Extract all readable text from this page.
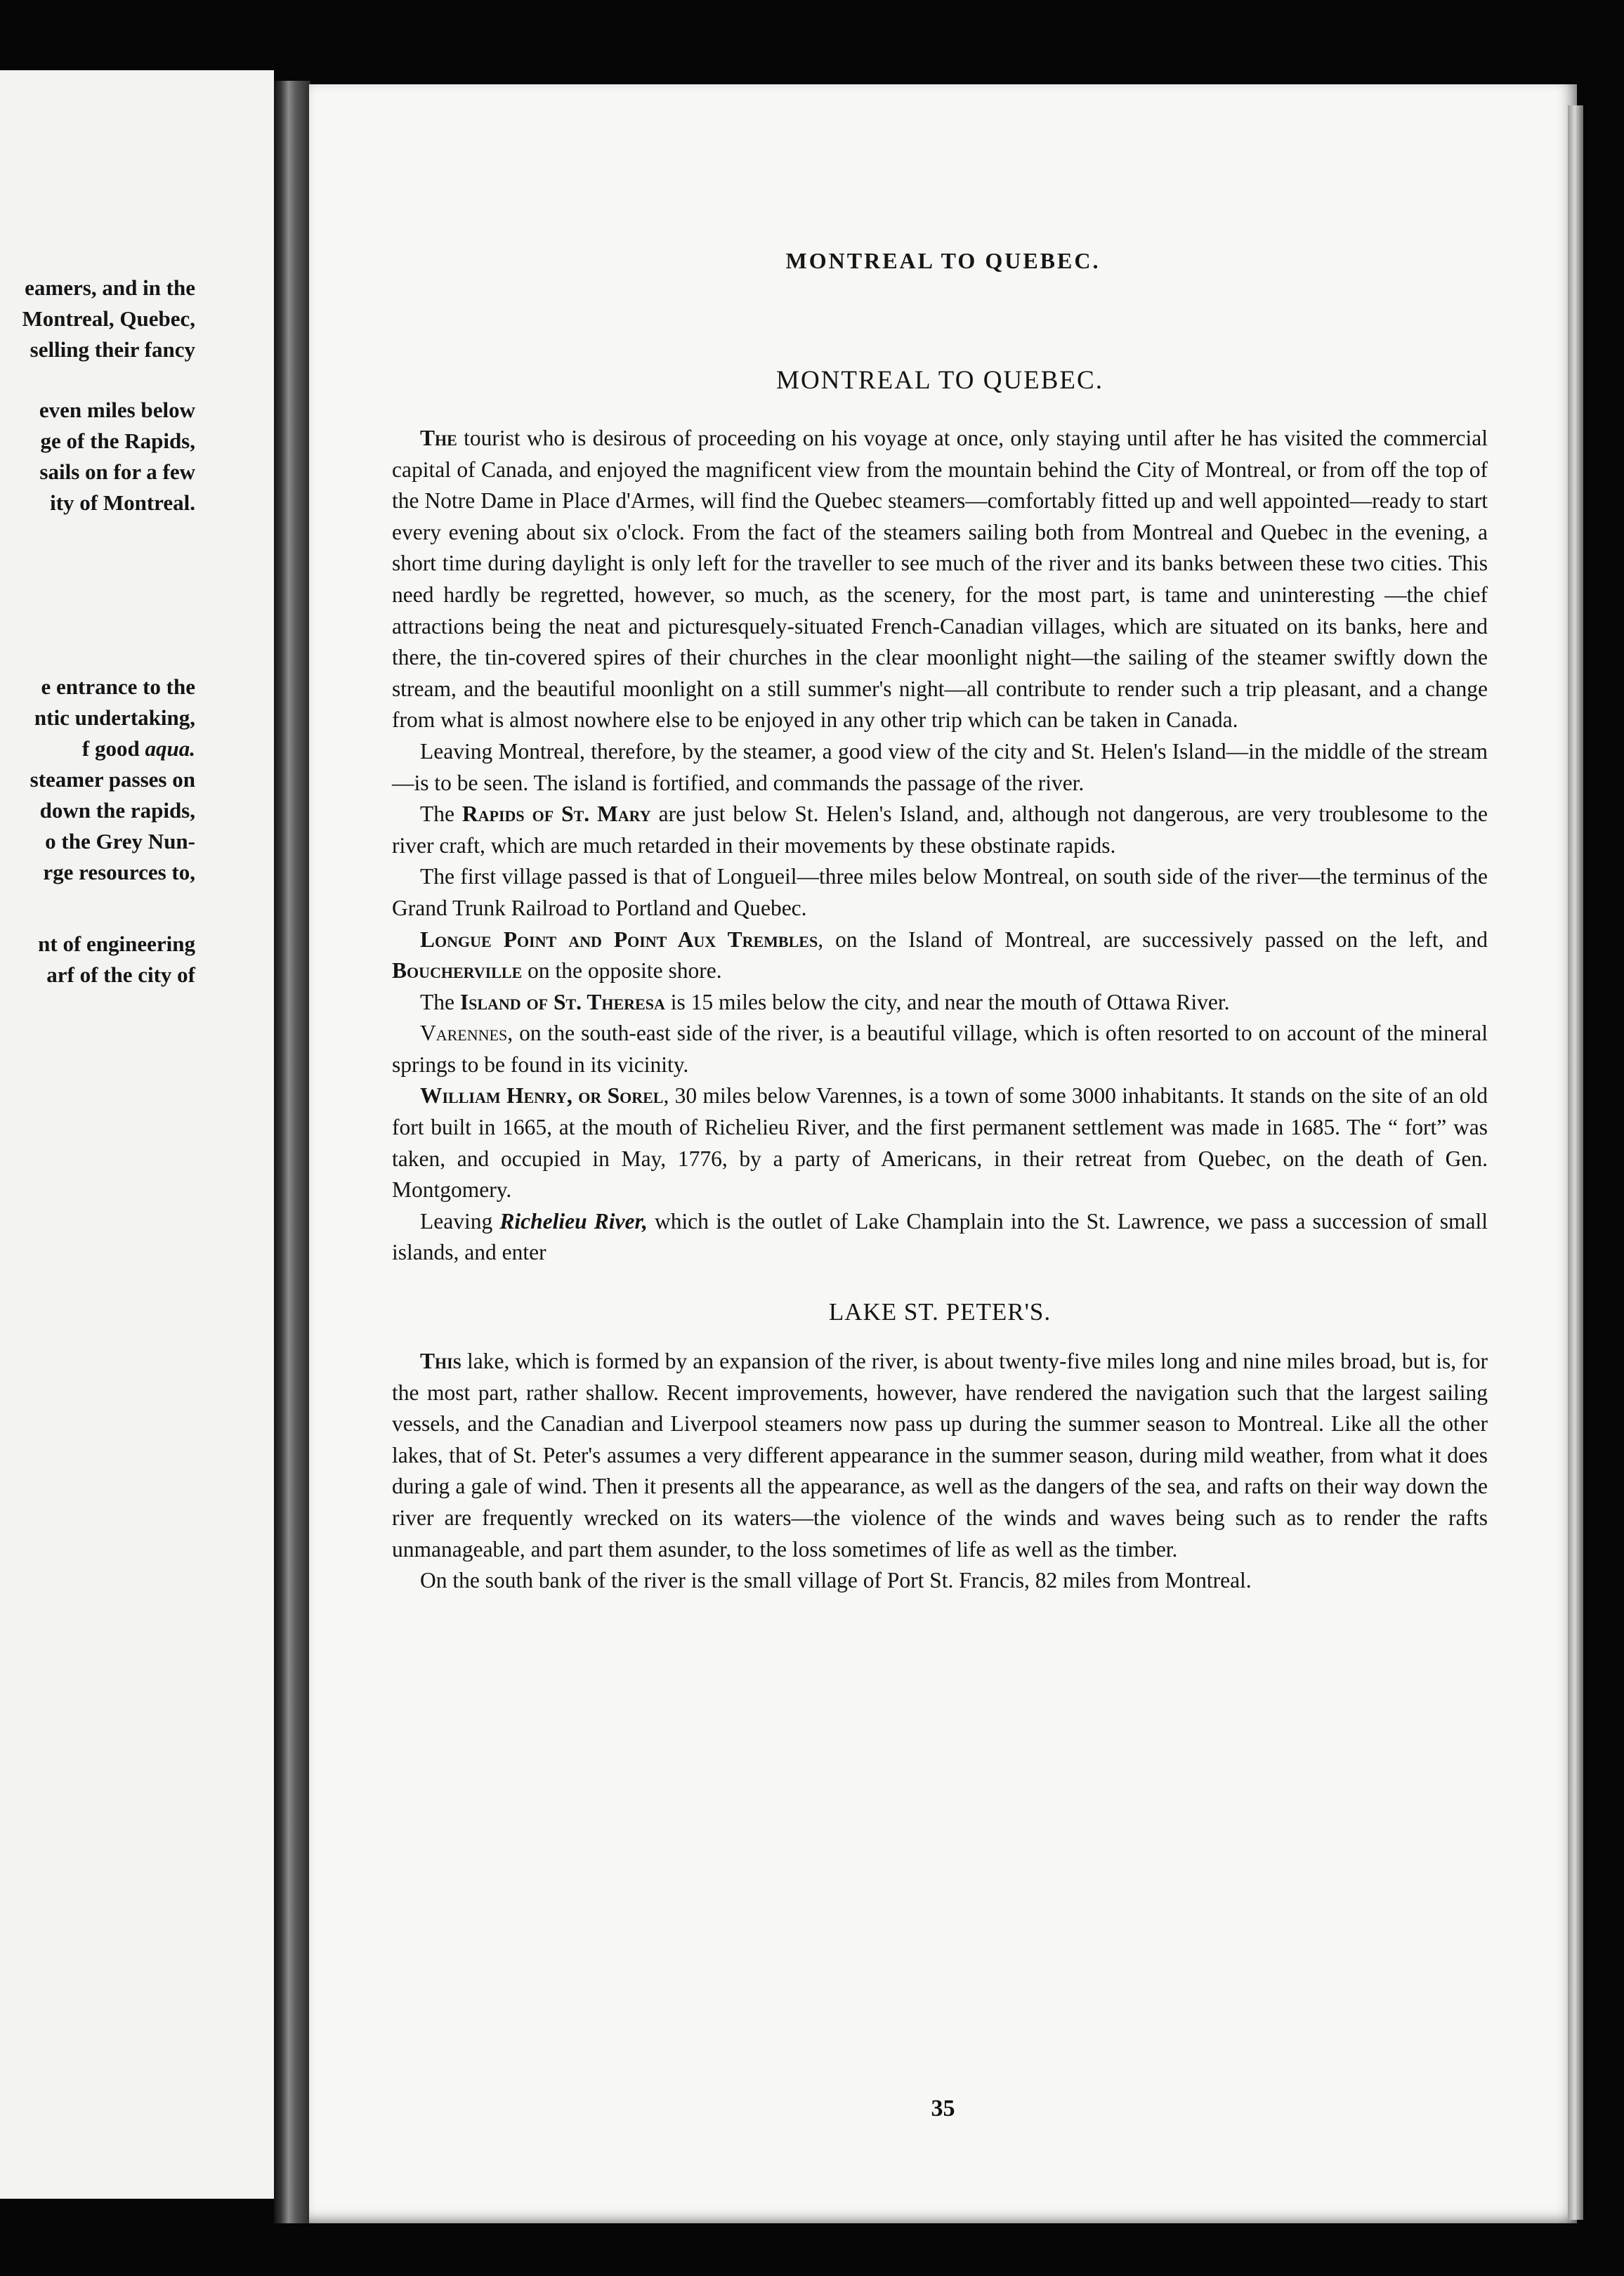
eamers, and in the
Montreal, Quebec,
selling their fancy
even miles below
ge of the Rapids,
sails on for a few
ity of Montreal.
e entrance to the
ntic undertaking,
f good aqua.
steamer passes on
down the rapids,
o the Grey Nun-
rge resources to,
nt of engineering
arf of the city of
MONTREAL TO QUEBEC.
MONTREAL TO QUEBEC.

The tourist who is desirous of proceeding on his voyage at once, only staying until after he has visited the commercial capital of Canada, and enjoyed the magnificent view from the mountain behind the City of Montreal, or from off the top of the Notre Dame in Place d'Armes, will find the Quebec steamers—comfortably fitted up and well appointed—ready to start every evening about six o'clock. From the fact of the steamers sailing both from Montreal and Quebec in the evening, a short time during daylight is only left for the traveller to see much of the river and its banks between these two cities. This need hardly be regretted, however, so much, as the scenery, for the most part, is tame and uninteresting —the chief attractions being the neat and picturesquely-situated French-Canadian villages, which are situated on its banks, here and there, the tin-covered spires of their churches in the clear moonlight night—the sailing of the steamer swiftly down the stream, and the beautiful moonlight on a still summer's night—all contribute to render such a trip pleasant, and a change from what is almost nowhere else to be enjoyed in any other trip which can be taken in Canada.

Leaving Montreal, therefore, by the steamer, a good view of the city and St. Helen's Island—in the middle of the stream—is to be seen. The island is fortified, and commands the passage of the river.

The Rapids of St. Mary are just below St. Helen's Island, and, although not dangerous, are very troublesome to the river craft, which are much retarded in their movements by these obstinate rapids.

The first village passed is that of Longueil—three miles below Montreal, on south side of the river—the terminus of the Grand Trunk Railroad to Portland and Quebec.

Longue Point and Point Aux Trembles, on the Island of Montreal, are successively passed on the left, and Boucherville on the opposite shore.

The Island of St. Theresa is 15 miles below the city, and near the mouth of Ottawa River.

Varennes, on the south-east side of the river, is a beautiful village, which is often resorted to on account of the mineral springs to be found in its vicinity.

William Henry, or Sorel, 30 miles below Varennes, is a town of some 3000 inhabitants. It stands on the site of an old fort built in 1665, at the mouth of Richelieu River, and the first permanent settlement was made in 1685. The “ fort” was taken, and occupied in May, 1776, by a party of Americans, in their retreat from Quebec, on the death of Gen. Montgomery.

Leaving Richelieu River, which is the outlet of Lake Champlain into the St. Lawrence, we pass a succession of small islands, and enter

LAKE ST. PETER'S.

This lake, which is formed by an expansion of the river, is about twenty-five miles long and nine miles broad, but is, for the most part, rather shallow. Recent improvements, however, have rendered the navigation such that the largest sailing vessels, and the Canadian and Liverpool steamers now pass up during the summer season to Montreal. Like all the other lakes, that of St. Peter's assumes a very different appearance in the summer season, during mild weather, from what it does during a gale of wind. Then it presents all the appearance, as well as the dangers of the sea, and rafts on their way down the river are frequently wrecked on its waters—the violence of the winds and waves being such as to render the rafts unmanageable, and part them asunder, to the loss sometimes of life as well as the timber.

On the south bank of the river is the small village of Port St. Francis, 82 miles from Montreal.

35
